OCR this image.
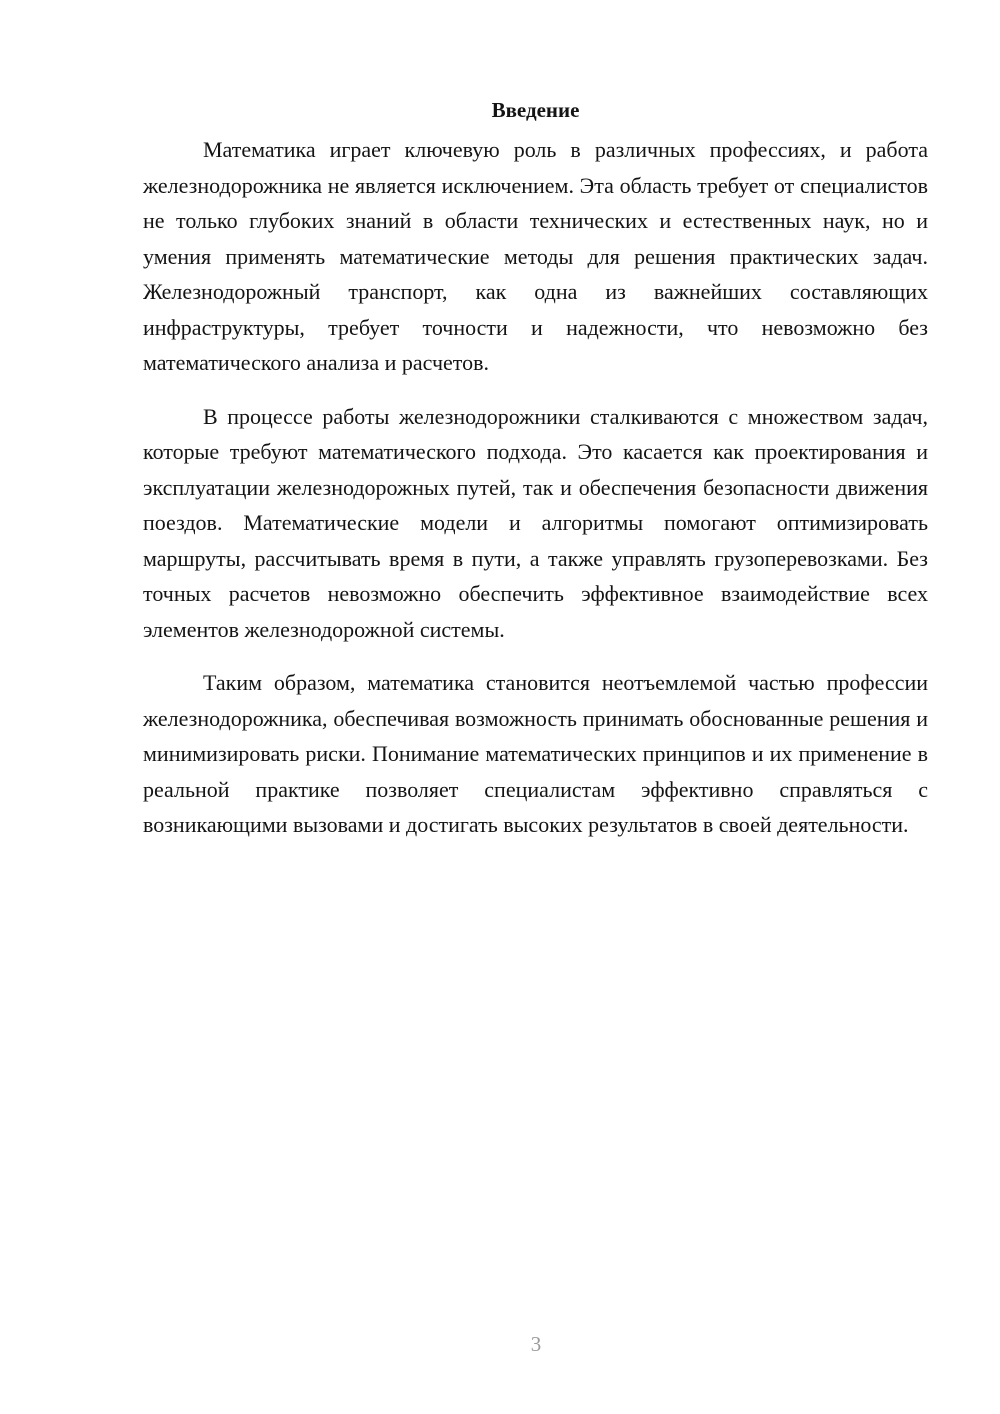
Введение

Математика играет ключевую роль в различных профессиях, и работа железнодорожника не является исключением. Эта область требует от специалистов не только глубоких знаний в области технических и естественных наук, но и умения применять математические методы для решения практических задач. Железнодорожный транспорт, как одна из важнейших составляющих инфраструктуры, требует точности и надежности, что невозможно без математического анализа и расчетов.

В процессе работы железнодорожники сталкиваются с множеством задач, которые требуют математического подхода. Это касается как проектирования и эксплуатации железнодорожных путей, так и обеспечения безопасности движения поездов. Математические модели и алгоритмы помогают оптимизировать маршруты, рассчитывать время в пути, а также управлять грузоперевозками. Без точных расчетов невозможно обеспечить эффективное взаимодействие всех элементов железнодорожной системы.

Таким образом, математика становится неотъемлемой частью профессии железнодорожника, обеспечивая возможность принимать обоснованные решения и минимизировать риски. Понимание математических принципов и их применение в реальной практике позволяет специалистам эффективно справляться с возникающими вызовами и достигать высоких результатов в своей деятельности.

3
